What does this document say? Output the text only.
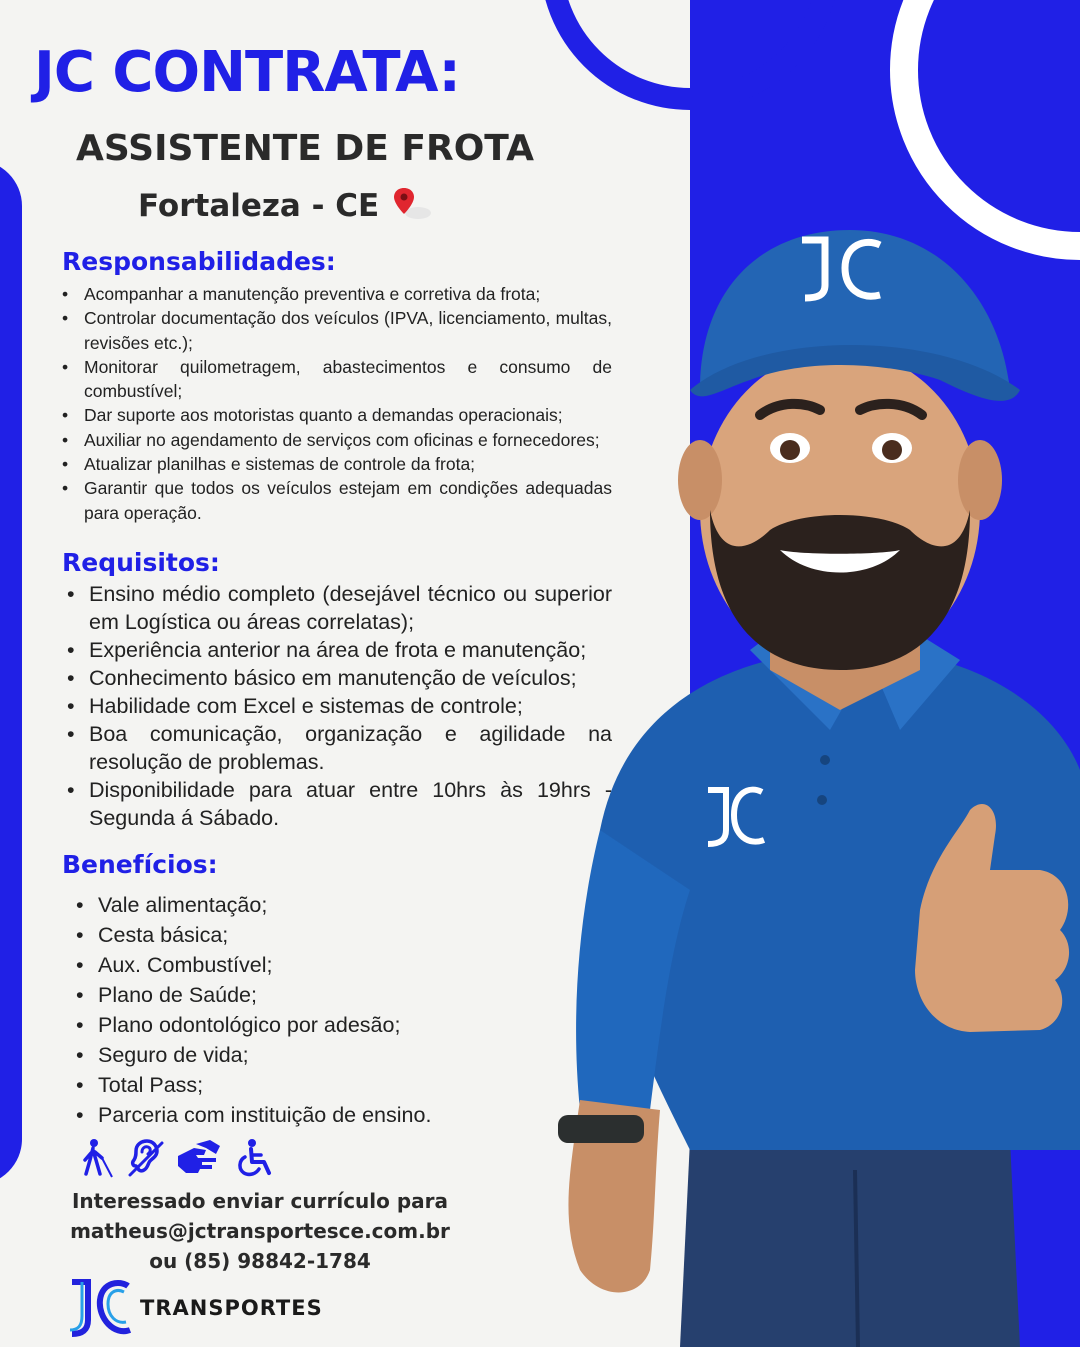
JC CONTRATA:
ASSISTENTE DE FROTA
Fortaleza - CE
Responsabilidades:
• Acompanhar a manutenção preventiva e corretiva da frota;
• Controlar documentação dos veículos (IPVA, licenciamento, multas, revisões etc.);
• Monitorar quilometragem, abastecimentos e consumo de combustível;
• Dar suporte aos motoristas quanto a demandas operacionais;
• Auxiliar no agendamento de serviços com oficinas e fornecedores;
• Atualizar planilhas e sistemas de controle da frota;
• Garantir que todos os veículos estejam em condições adequadas para operação.
Requisitos:
• Ensino médio completo (desejável técnico ou superior em Logística ou áreas correlatas);
• Experiência anterior na área de frota e manutenção;
• Conhecimento básico em manutenção de veículos;
• Habilidade com Excel e sistemas de controle;
• Boa comunicação, organização e agilidade na resolução de problemas.
• Disponibilidade para atuar entre 10hrs às 19hrs - Segunda á Sábado.
Benefícios:
• Vale alimentação;
• Cesta básica;
• Aux. Combustível;
• Plano de Saúde;
• Plano odontológico por adesão;
• Seguro de vida;
• Total Pass;
• Parceria com instituição de ensino.
Interessado enviar currículo para
matheus@jctransportesce.com.br
ou (85) 98842-1784
TRANSPORTES
